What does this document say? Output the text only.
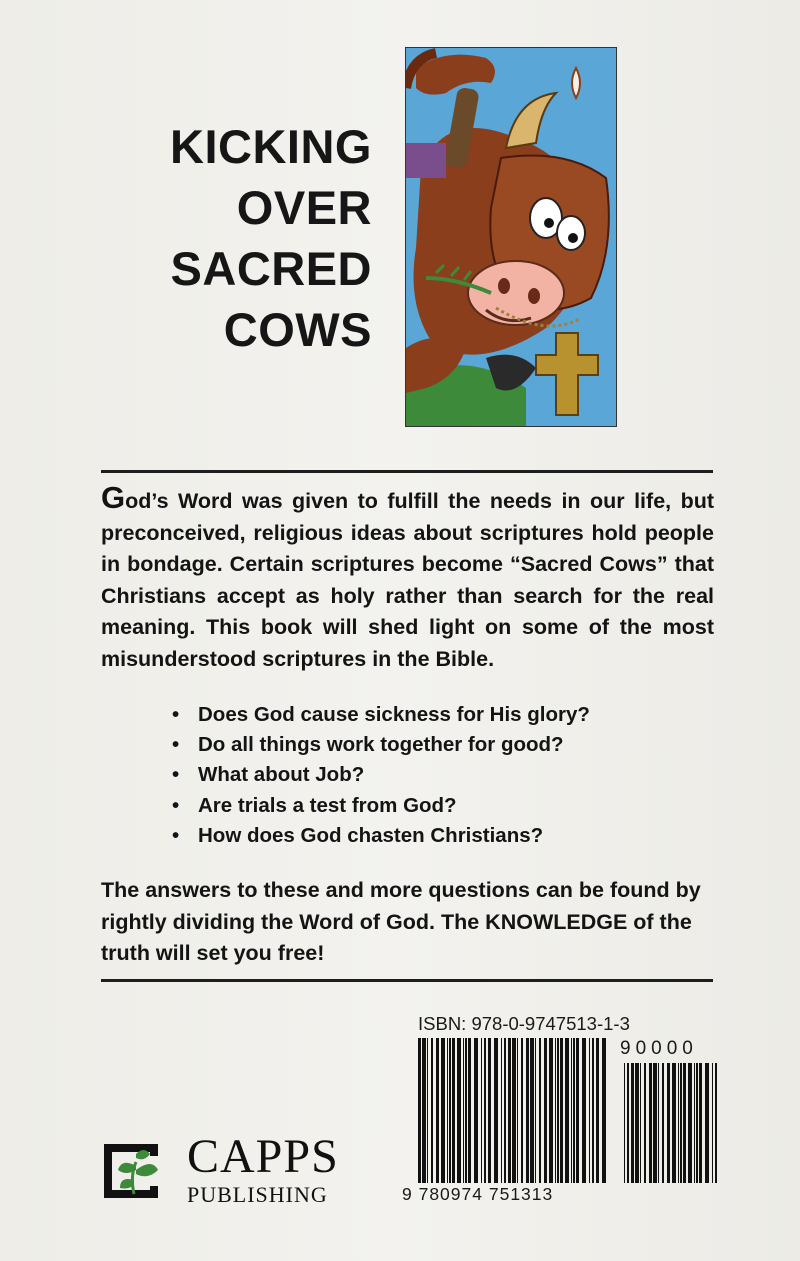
KICKING
OVER
SACRED
COWS
God’s Word was given to fulfill the needs in our life, but preconceived, religious ideas about scriptures hold people in bondage. Certain scriptures become “Sacred Cows” that Christians accept as holy rather than search for the real meaning. This book will shed light on some of the most misunderstood scriptures in the Bible.
• Does God cause sickness for His glory?
• Do all things work together for good?
• What about Job?
• Are trials a test from God?
• How does God chasten Christians?
The answers to these and more questions can be found by rightly dividing the Word of God. The KNOWLEDGE of the truth will set you free!
ISBN: 978-0-9747513-1-3
90000
9 780974 751313
CAPPS
PUBLISHING
